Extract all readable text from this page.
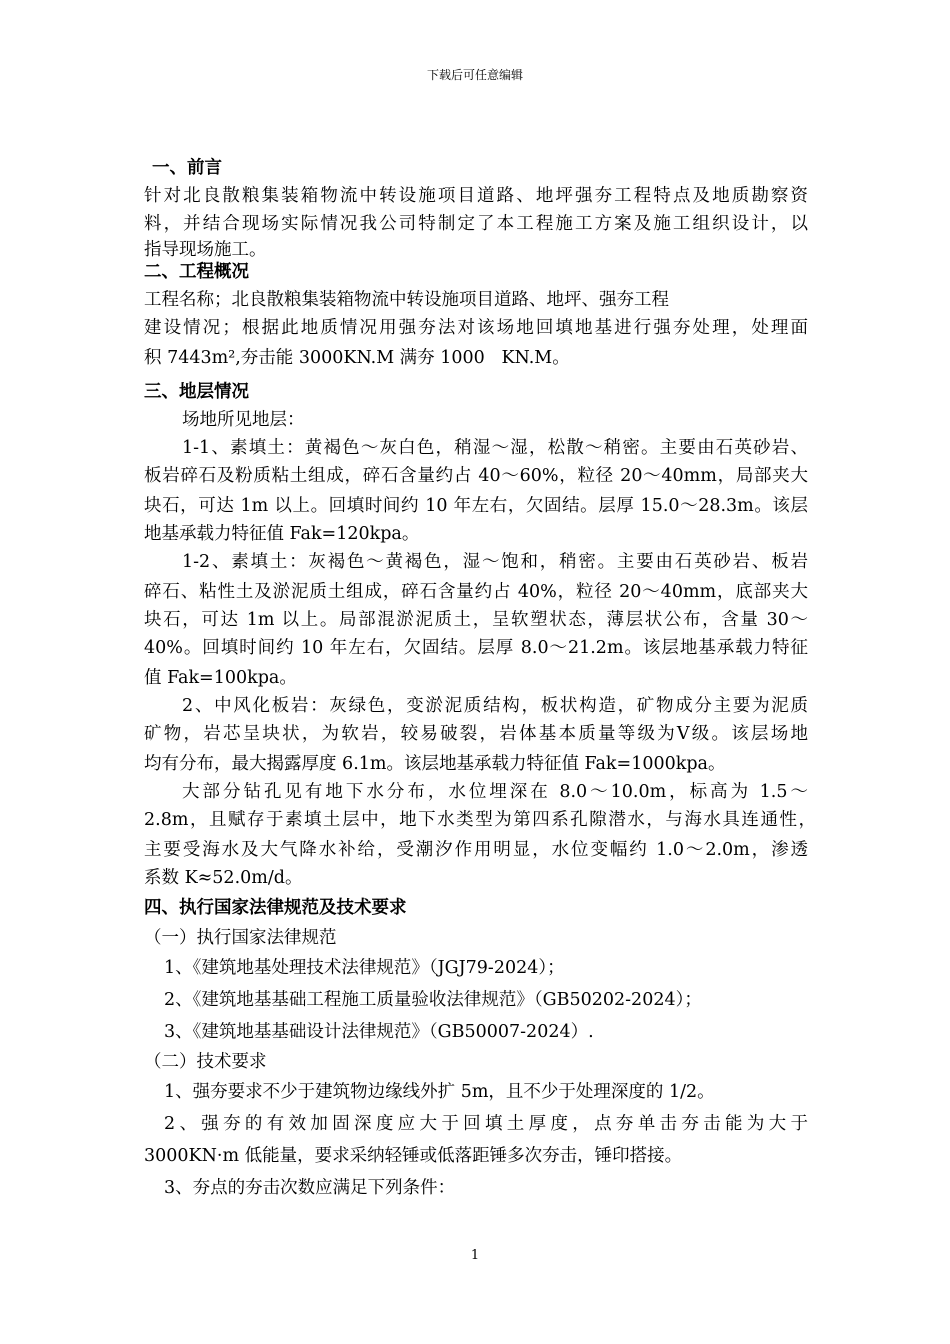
下载后可任意编辑
一、前言
针对北良散粮集装箱物流中转设施项目道路、地坪强夯工程特点及地质勘察资
料，并结合现场实际情况我公司特制定了本工程施工方案及施工组织设计，以
指导现场施工。
二、工程概况
工程名称；北良散粮集装箱物流中转设施项目道路、地坪、强夯工程
建设情况；根据此地质情况用强夯法对该场地回填地基进行强夯处理，处理面
积 7443m²,夯击能 3000KN.M 满夯 1000   KN.M。
三、地层情况
场地所见地层：
1-1、素填土：黄褐色～灰白色，稍湿～湿，松散～稍密。主要由石英砂岩、
板岩碎石及粉质粘土组成，碎石含量约占 40～60%，粒径 20～40mm，局部夹大
块石，可达 1m 以上。回填时间约 10 年左右，欠固结。层厚 15.0～28.3m。该层
地基承载力特征值 Fak=120kpa。
1-2、素填土：灰褐色～黄褐色，湿～饱和，稍密。主要由石英砂岩、板岩
碎石、粘性土及淤泥质土组成，碎石含量约占 40%，粒径 20～40mm，底部夹大
块石，可达 1m 以上。局部混淤泥质土，呈软塑状态，薄层状公布，含量 30～
40%。回填时间约 10 年左右，欠固结。层厚 8.0～21.2m。该层地基承载力特征
值 Fak=100kpa。
2、中风化板岩：灰绿色，变淤泥质结构，板状构造，矿物成分主要为泥质
矿物，岩芯呈块状，为软岩，较易破裂，岩体基本质量等级为Ⅴ级。该层场地
均有分布，最大揭露厚度 6.1m。该层地基承载力特征值 Fak=1000kpa。
大部分钻孔见有地下水分布，水位埋深在 8.0～10.0m，标高为 1.5～
2.8m，且赋存于素填土层中，地下水类型为第四系孔隙潜水，与海水具连通性，
主要受海水及大气降水补给，受潮汐作用明显，水位变幅约 1.0～2.0m，渗透
系数 K≈52.0m/d。
四、执行国家法律规范及技术要求
（一）执行国家法律规范
1、《建筑地基处理技术法律规范》（JGJ79-2024）；
2、《建筑地基基础工程施工质量验收法律规范》（GB50202-2024）；
3、《建筑地基基础设计法律规范》（GB50007-2024）.
（二）技术要求
1、强夯要求不少于建筑物边缘线外扩 5m，且不少于处理深度的 1/2。
2、强夯的有效加固深度应大于回填土厚度，点夯单击夯击能为大于
3000KN·m 低能量，要求采纳轻锤或低落距锤多次夯击，锤印搭接。
3、夯点的夯击次数应满足下列条件：
1
